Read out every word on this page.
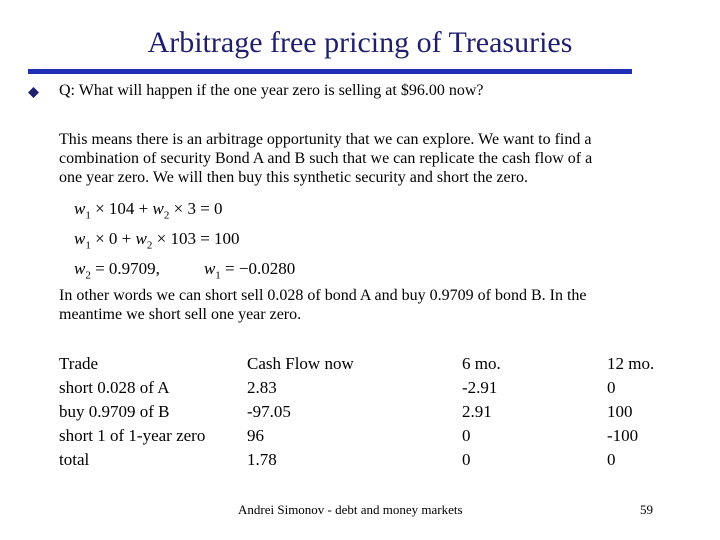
Arbitrage free pricing of Treasuries
Q: What will happen if the one year zero is selling at $96.00 now?
This means there is an arbitrage opportunity that we can explore. We want to find a
combination of security Bond A and B such that we can replicate the cash flow of a
one year zero. We will then buy this synthetic security and short the zero.
$w_1 \times 104 + w_2 \times 3 = 0$
$w_1 \times 0 + w_2 \times 103 = 100$
$w_2 = 0.9709$,	$w_1 = -0.0280$
In other words we can short sell 0.028 of bond A and buy 0.9709 of bond B. In the
meantime we short sell one year zero.
Trade
short 0.028 of A
buy 0.9709 of B
short 1 of 1-year zero
total
Cash Flow now
2.83
-97.05
96
1.78
6 mo.
-2.91
2.91
0
0
12 mo.
0
100
-100
0
Andrei Simonov - debt and money markets	59
